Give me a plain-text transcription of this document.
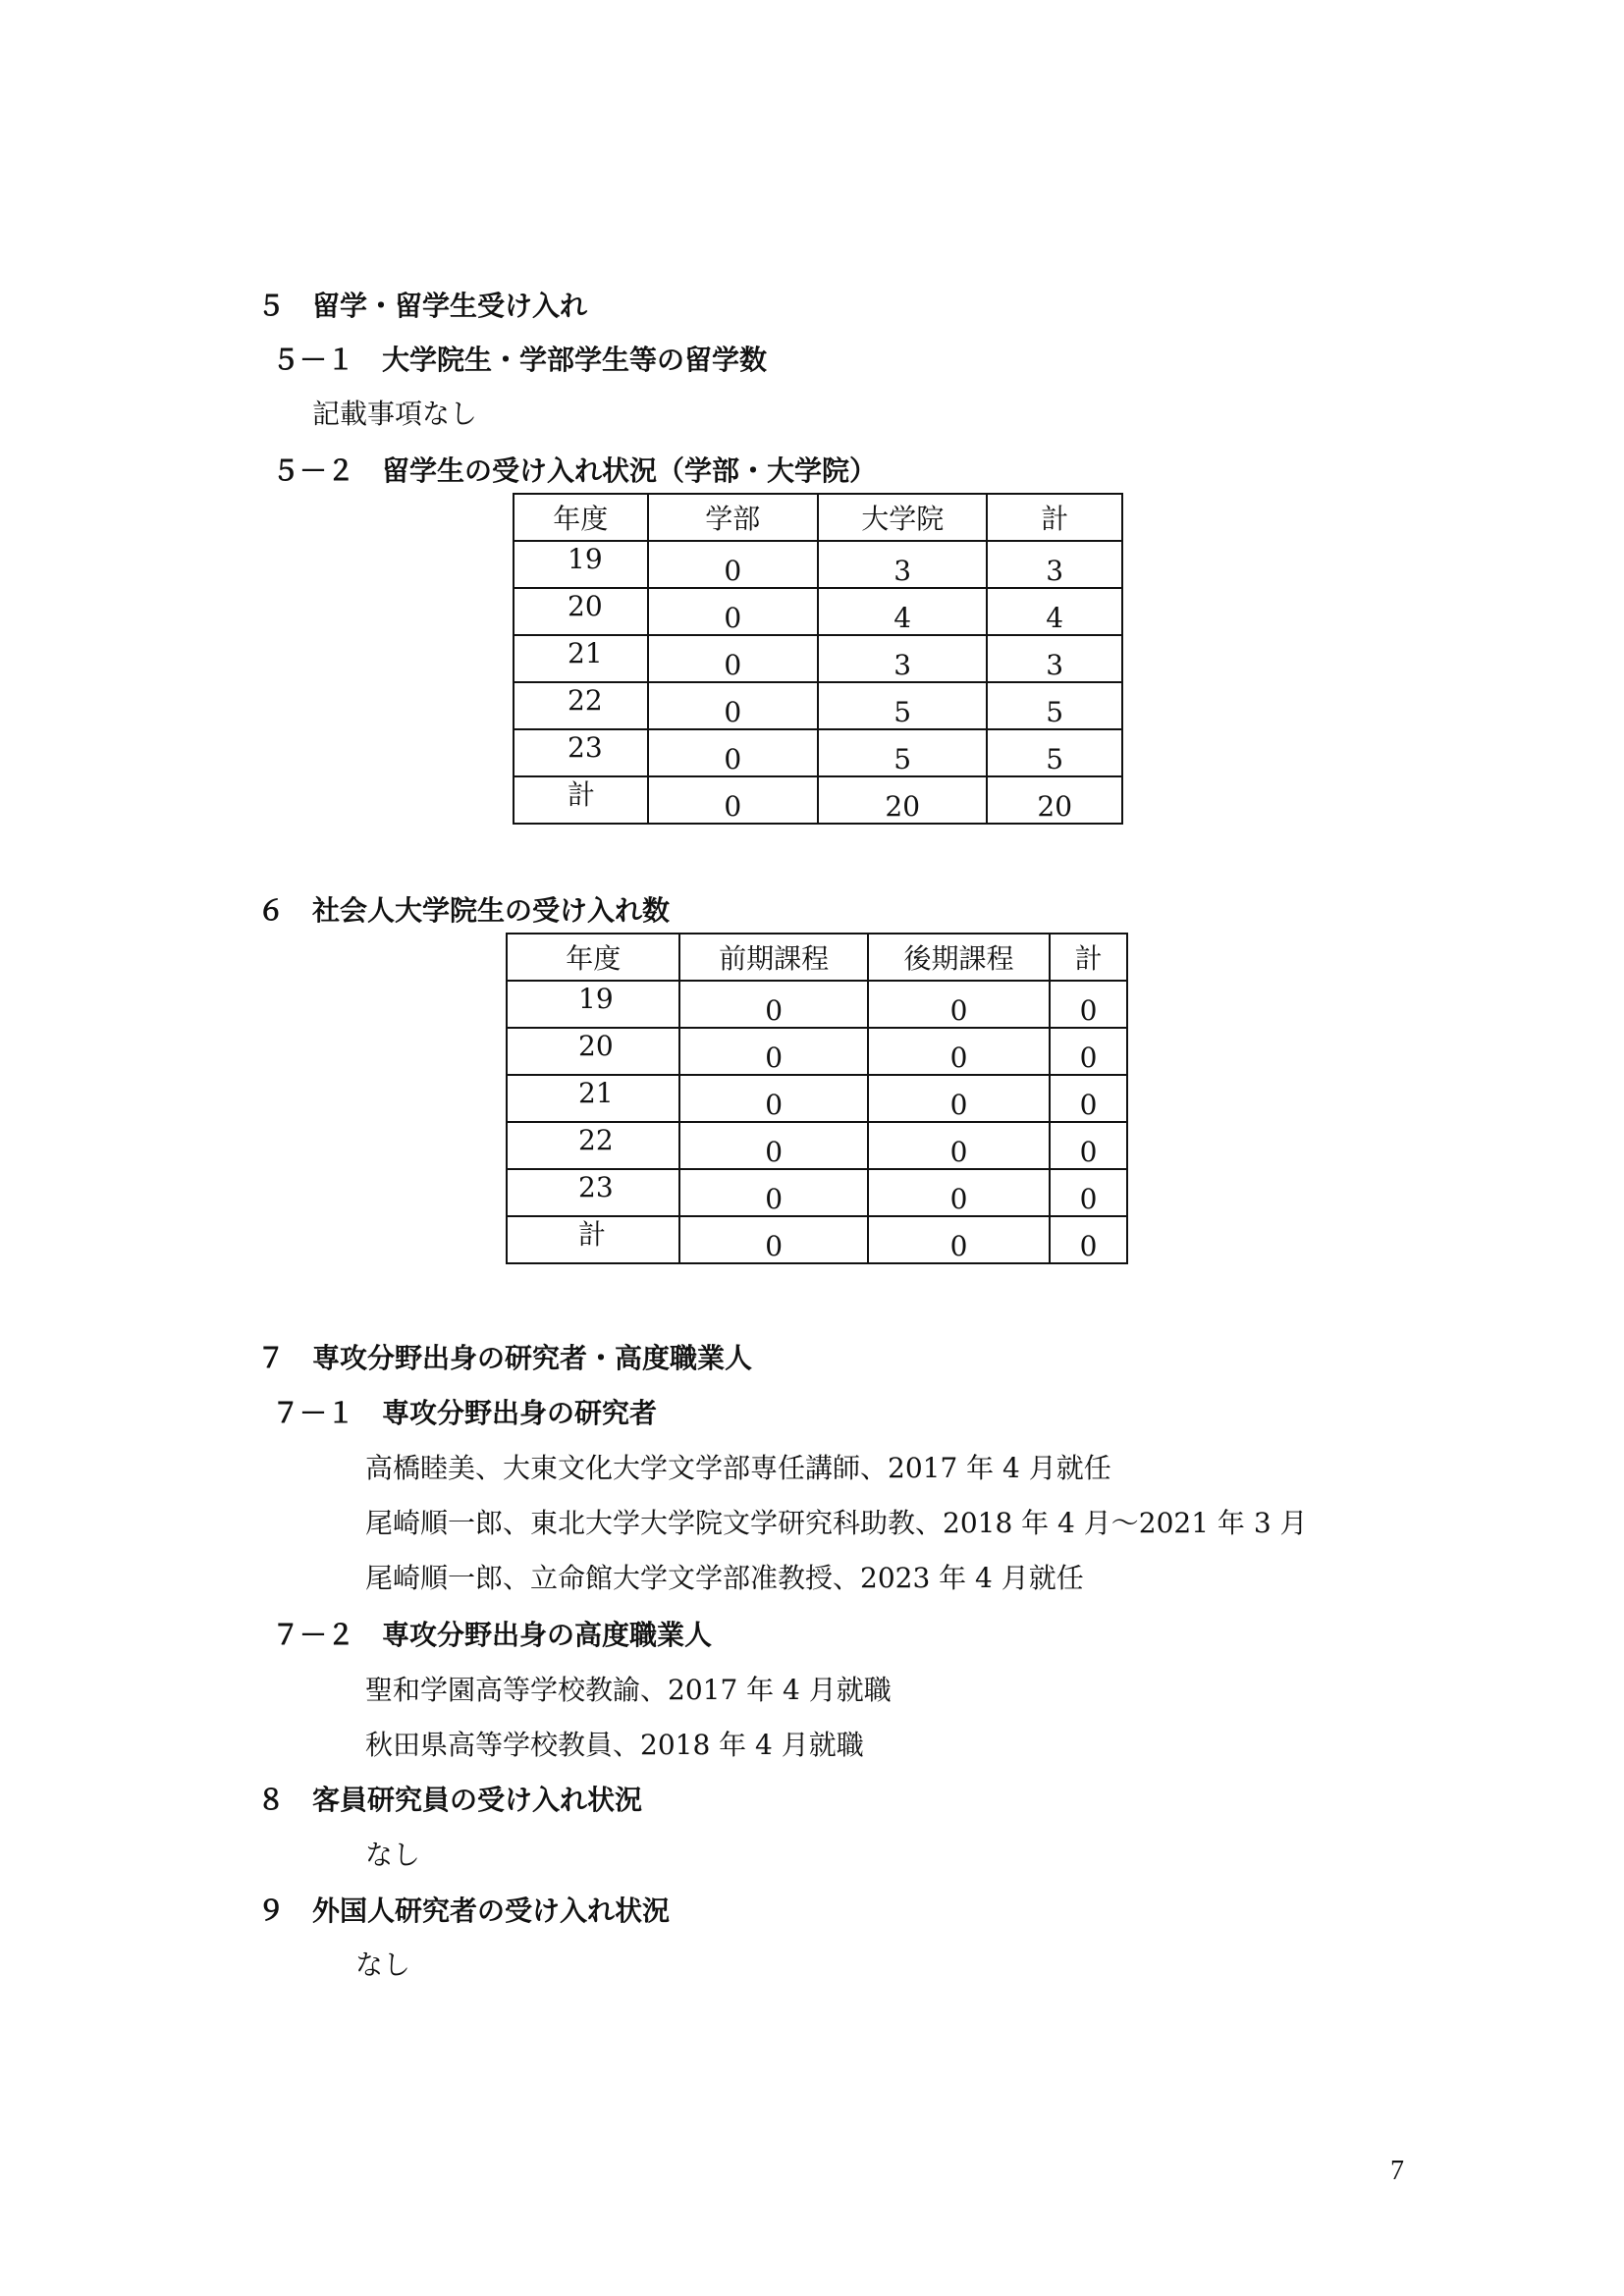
５　留学・留学生受け入れ
５－１　大学院生・学部学生等の留学数
記載事項なし
５－２　留学生の受け入れ状況（学部・大学院）
年度	学部	大学院	計

19	0	3	3

20	0	4	4

21	0	3	3

22	0	5	5

23	0	5	5

計	0	20	20
６　社会人大学院生の受け入れ数
年度	前期課程	後期課程	計

19	0	0	0

20	0	0	0

21	0	0	0

22	0	0	0

23	0	0	0

計	0	0	0
７　専攻分野出身の研究者・高度職業人
７－１　専攻分野出身の研究者
高橋睦美、大東文化大学文学部専任講師、2017 年 4 月就任
尾崎順一郎、東北大学大学院文学研究科助教、2018 年 4 月～2021 年 3 月
尾崎順一郎、立命館大学文学部准教授、2023 年 4 月就任
７－２　専攻分野出身の高度職業人
聖和学園高等学校教諭、2017 年 4 月就職
秋田県高等学校教員、2018 年 4 月就職
８　客員研究員の受け入れ状況
なし
９　外国人研究者の受け入れ状況
なし
7
